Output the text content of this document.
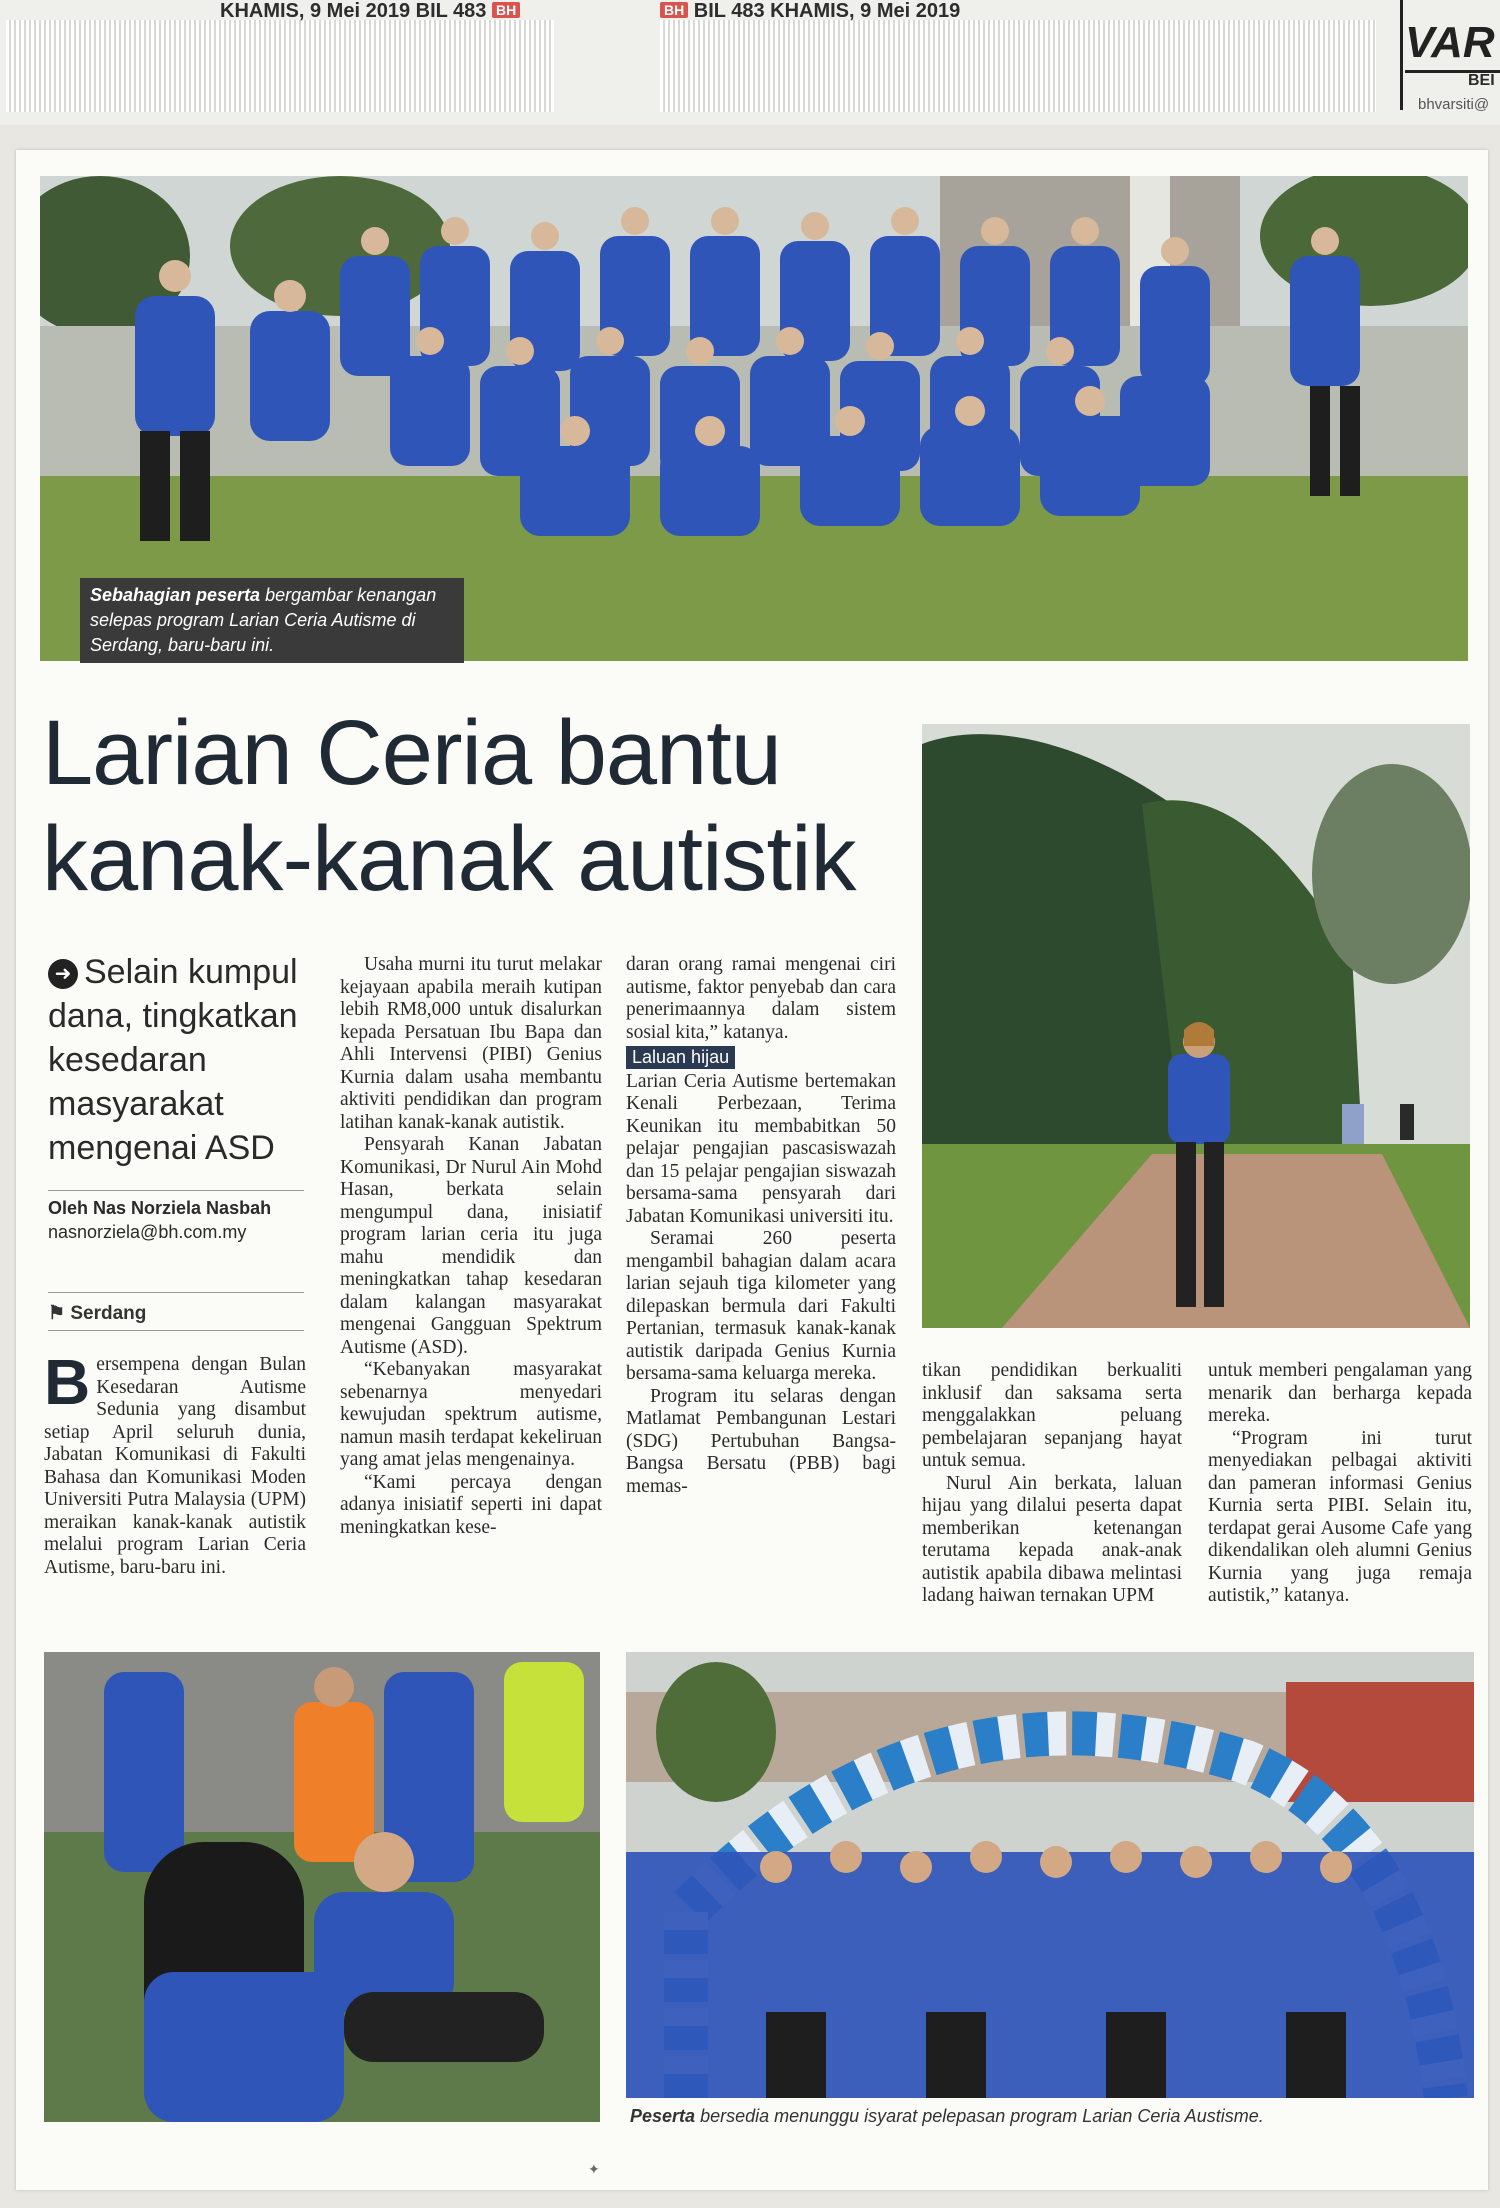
KHAMIS, 9 Mei 2019 BIL 483 BH	BH BIL 483 KHAMIS, 9 Mei 2019
VAR
BEI
bhvarsiti@
Sebahagian peserta bergambar kenangan selepas program Larian Ceria Autisme di Serdang, baru-baru ini.
Larian Ceria bantu
kanak-kanak autistik
➜ Selain kumpul dana, tingkatkan kesedaran masyarakat mengenai ASD
Oleh Nas Norziela Nasbah
nasnorziela@bh.com.my
⚑ Serdang

Bersempena dengan Bulan Kesedaran Autisme Sedunia yang disambut setiap April seluruh dunia, Jabatan Komunikasi di Fakulti Bahasa dan Komunikasi Moden Universiti Putra Malaysia (UPM) meraikan kanak-kanak autistik melalui program Larian Ceria Autisme, baru-baru ini.

Usaha murni itu turut melakar kejayaan apabila meraih kutipan lebih RM8,000 untuk disalurkan kepada Persatuan Ibu Bapa dan Ahli Intervensi (PIBI) Genius Kurnia dalam usaha membantu aktiviti pendidikan dan program latihan kanak-kanak autistik.

Pensyarah Kanan Jabatan Komunikasi, Dr Nurul Ain Mohd Hasan, berkata selain mengumpul dana, inisiatif program larian ceria itu juga mahu mendidik dan meningkatkan tahap kesedaran dalam kalangan masyarakat mengenai Gangguan Spektrum Autisme (ASD).

“Kebanyakan masyarakat sebenarnya menyedari kewujudan spektrum autisme, namun masih terdapat kekeliruan yang amat jelas mengenainya.

“Kami percaya dengan adanya inisiatif seperti ini dapat meningkatkan kese-

daran orang ramai mengenai ciri autisme, faktor penyebab dan cara penerimaannya dalam sistem sosial kita,” katanya.

Laluan hijau

Larian Ceria Autisme bertemakan Kenali Perbezaan, Terima Keunikan itu membabitkan 50 pelajar pengajian pascasiswazah dan 15 pelajar pengajian siswazah bersama-sama pensyarah dari Jabatan Komunikasi universiti itu.

Seramai 260 peserta mengambil bahagian dalam acara larian sejauh tiga kilometer yang dilepaskan bermula dari Fakulti Pertanian, termasuk kanak-kanak autistik daripada Genius Kurnia bersama-sama keluarga mereka.

Program itu selaras dengan Matlamat Pembangunan Lestari (SDG) Pertubuhan Bangsa-Bangsa Bersatu (PBB) bagi memas-

tikan pendidikan berkualiti inklusif dan saksama serta menggalakkan peluang pembelajaran sepanjang hayat untuk semua.

Nurul Ain berkata, laluan hijau yang dilalui peserta dapat memberikan ketenangan terutama kepada anak-anak autistik apabila dibawa melintasi ladang haiwan ternakan UPM

untuk memberi pengalaman yang menarik dan berharga kepada mereka.

“Program ini turut menyediakan pelbagai aktiviti dan pameran informasi Genius Kurnia serta PIBI. Selain itu, terdapat gerai Ausome Cafe yang dikendalikan oleh alumni Genius Kurnia yang juga remaja autistik,” katanya.

Peserta bersedia menunggu isyarat pelepasan program Larian Ceria Austisme.
✦
